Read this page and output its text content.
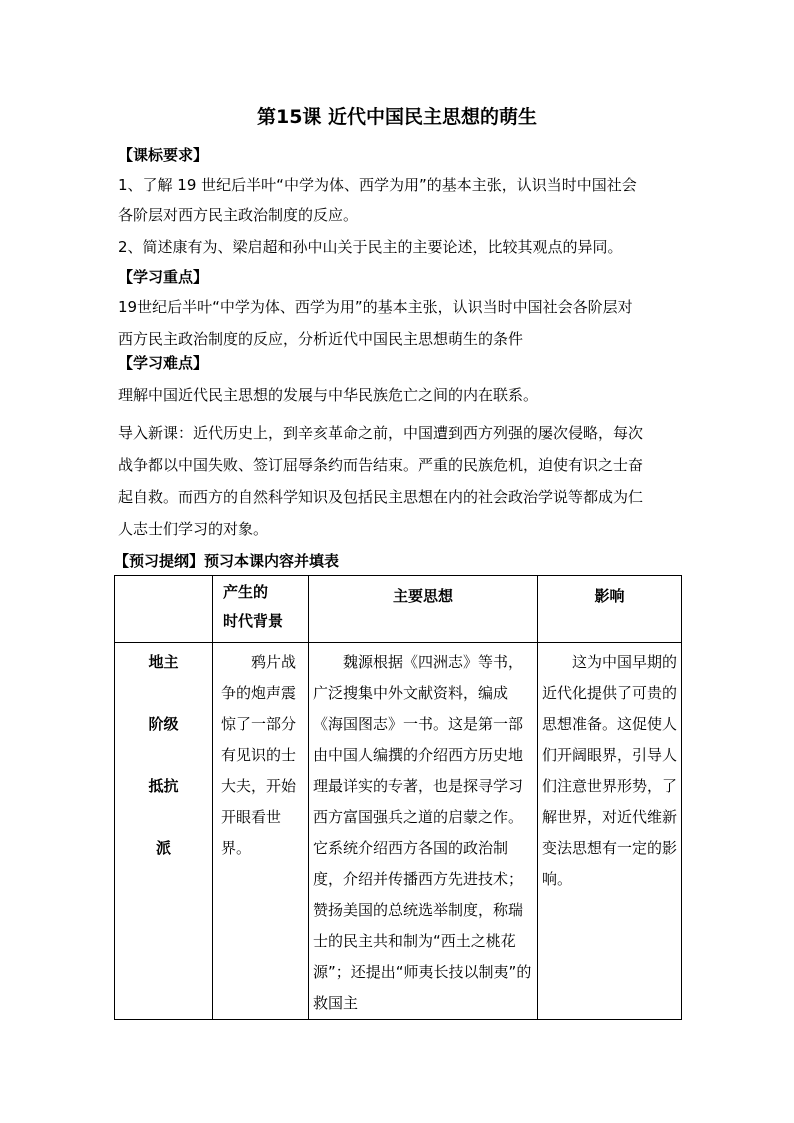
第15课 近代中国民主思想的萌生
【课标要求】
1、了解 19 世纪后半叶“中学为体、西学为用”的基本主张，认识当时中国社会
各阶层对西方民主政治制度的反应。
2、简述康有为、梁启超和孙中山关于民主的主要论述，比较其观点的异同。
【学习重点】
19世纪后半叶“中学为体、西学为用”的基本主张，认识当时中国社会各阶层对
西方民主政治制度的反应，分析近代中国民主思想萌生的条件
【学习难点】
理解中国近代民主思想的发展与中华民族危亡之间的内在联系。
导入新课：近代历史上，到辛亥革命之前，中国遭到西方列强的屡次侵略，每次
战争都以中国失败、签订屈辱条约而告结束。严重的民族危机，迫使有识之士奋
起自救。而西方的自然科学知识及包括民主思想在内的社会政治学说等都成为仁
人志士们学习的对象。
【预习提纲】预习本课内容并填表

	产生的
时代背景	主要思想	影响

地主
阶级
抵抗
派	　　鸦片战争的炮声震惊了一部分有见识的士大夫，开始开眼看世界。	　　魏源根据《四洲志》等书，广泛搜集中外文献资料，编成《海国图志》一书。这是第一部由中国人编撰的介绍西方历史地理最详实的专著，也是探寻学习西方富国强兵之道的启蒙之作。它系统介绍西方各国的政治制度，介绍并传播西方先进技术；赞扬美国的总统选举制度，称瑞士的民主共和制为“西土之桃花源”；还提出“师夷长技以制夷”的救国主	　　这为中国早期的近代化提供了可贵的思想准备。这促使人们开阔眼界，引导人们注意世界形势，了解世界，对近代维新变法思想有一定的影响。
